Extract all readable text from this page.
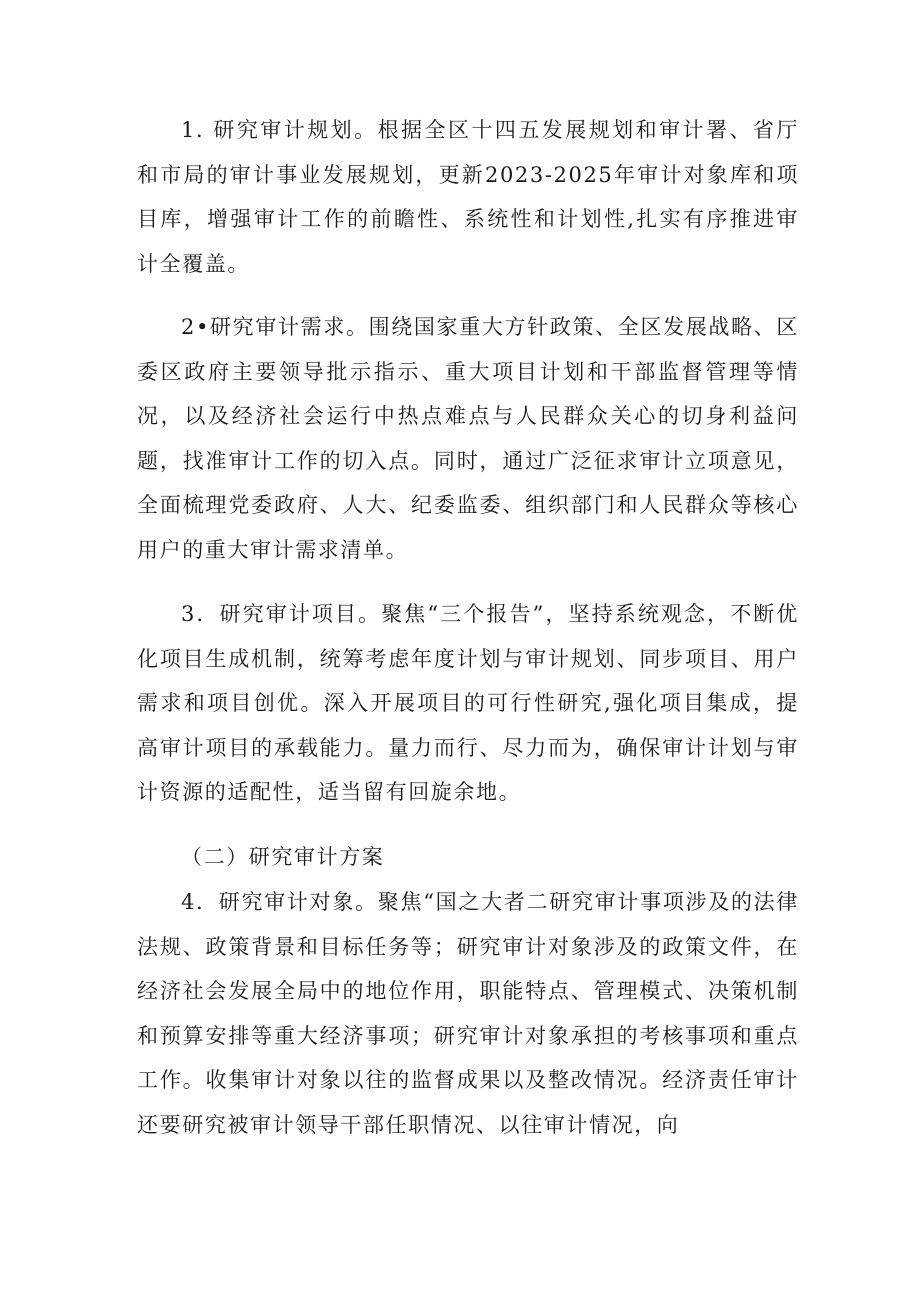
1. 研究审计规划。根据全区十四五发展规划和审计署、省厅和市局的审计事业发展规划，更新2023-2025年审计对象库和项目库，增强审计工作的前瞻性、系统性和计划性,扎实有序推进审计全覆盖。

2•研究审计需求。围绕国家重大方针政策、全区发展战略、区委区政府主要领导批示指示、重大项目计划和干部监督管理等情况，以及经济社会运行中热点难点与人民群众关心的切身利益问题，找准审计工作的切入点。同时，通过广泛征求审计立项意见，全面梳理党委政府、人大、纪委监委、组织部门和人民群众等核心用户的重大审计需求清单。

3．研究审计项目。聚焦“三个报告”，坚持系统观念，不断优化项目生成机制，统筹考虑年度计划与审计规划、同步项目、用户需求和项目创优。深入开展项目的可行性研究,强化项目集成，提高审计项目的承载能力。量力而行、尽力而为，确保审计计划与审计资源的适配性，适当留有回旋余地。

（二）研究审计方案

4．研究审计对象。聚焦“国之大者二研究审计事项涉及的法律法规、政策背景和目标任务等；研究审计对象涉及的政策文件，在经济社会发展全局中的地位作用，职能特点、管理模式、决策机制和预算安排等重大经济事项；研究审计对象承担的考核事项和重点工作。收集审计对象以往的监督成果以及整改情况。经济责任审计还要研究被审计领导干部任职情况、以往审计情况，向
